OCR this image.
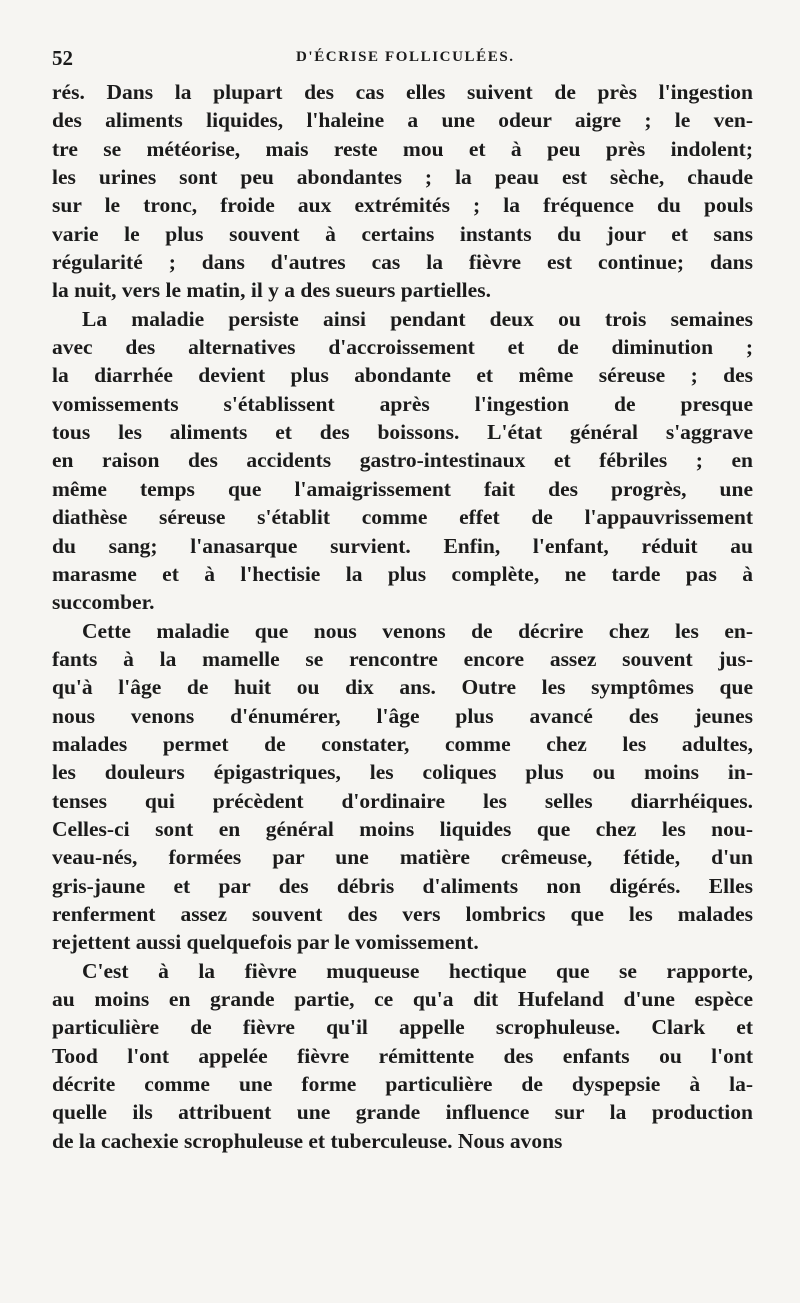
52	D'ÉCRISE FOLLICULÉES.
rés. Dans la plupart des cas elles suivent de près l'ingestion
des aliments liquides, l'haleine a une odeur aigre ; le ven-
tre se météorise, mais reste mou et à peu près indolent;
les urines sont peu abondantes ; la peau est sèche, chaude
sur le tronc, froide aux extrémités ; la fréquence du pouls
varie le plus souvent à certains instants du jour et sans
régularité ; dans d'autres cas la fièvre est continue; dans
la nuit, vers le matin, il y a des sueurs partielles.
La maladie persiste ainsi pendant deux ou trois semaines
avec des alternatives d'accroissement et de diminution ;
la diarrhée devient plus abondante et même séreuse ; des
vomissements s'établissent après l'ingestion de presque
tous les aliments et des boissons. L'état général s'aggrave
en raison des accidents gastro-intestinaux et fébriles ; en
même temps que l'amaigrissement fait des progrès, une
diathèse séreuse s'établit comme effet de l'appauvrissement
du sang; l'anasarque survient. Enfin, l'enfant, réduit au
marasme et à l'hectisie la plus complète, ne tarde pas à
succomber.
Cette maladie que nous venons de décrire chez les en-
fants à la mamelle se rencontre encore assez souvent jus-
qu'à l'âge de huit ou dix ans. Outre les symptômes que
nous venons d'énumérer, l'âge plus avancé des jeunes
malades permet de constater, comme chez les adultes,
les douleurs épigastriques, les coliques plus ou moins in-
tenses qui précèdent d'ordinaire les selles diarrhéiques.
Celles-ci sont en général moins liquides que chez les nou-
veau-nés, formées par une matière crêmeuse, fétide, d'un
gris-jaune et par des débris d'aliments non digérés. Elles
renferment assez souvent des vers lombrics que les malades
rejettent aussi quelquefois par le vomissement.
C'est à la fièvre muqueuse hectique que se rapporte,
au moins en grande partie, ce qu'a dit Hufeland d'une espèce
particulière de fièvre qu'il appelle scrophuleuse. Clark et
Tood l'ont appelée fièvre rémittente des enfants ou l'ont
décrite comme une forme particulière de dyspepsie à la-
quelle ils attribuent une grande influence sur la production
de la cachexie scrophuleuse et tuberculeuse. Nous avons
